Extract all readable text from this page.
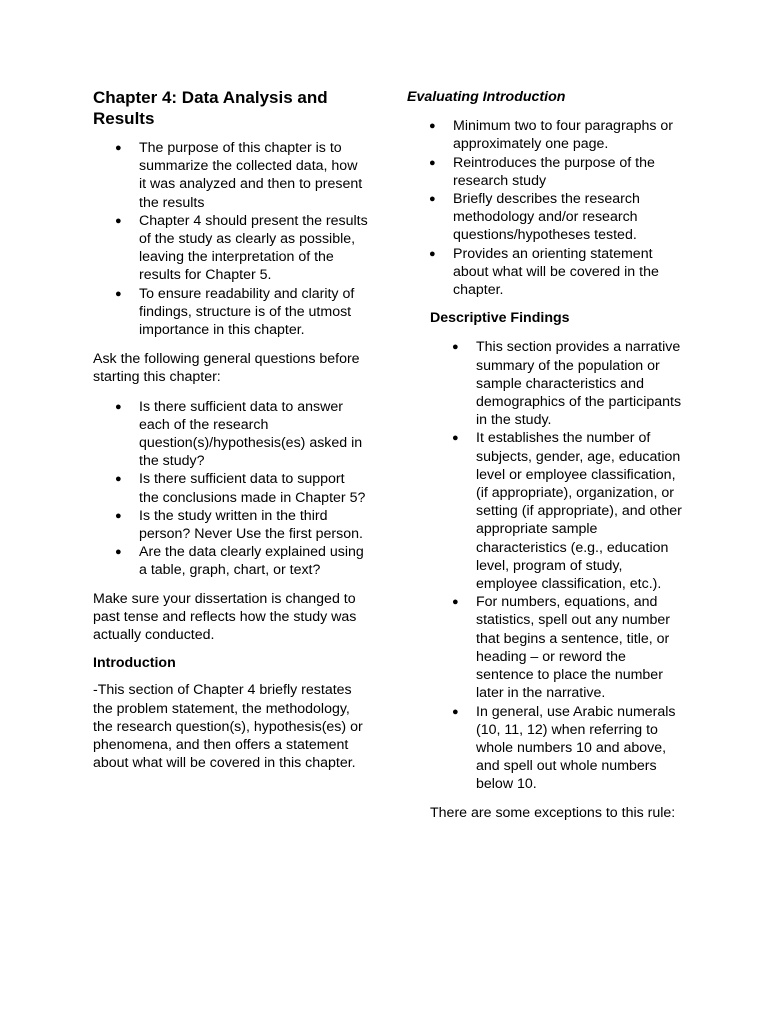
Chapter 4: Data Analysis and Results
● The purpose of this chapter is to summarize the collected data, how it was analyzed and then to present the results
● Chapter 4 should present the results of the study as clearly as possible, leaving the interpretation of the results for Chapter 5.
● To ensure readability and clarity of findings, structure is of the utmost importance in this chapter.

Ask the following general questions before starting this chapter:

● Is there sufficient data to answer each of the research question(s)/hypothesis(es) asked in the study?
● Is there sufficient data to support the conclusions made in Chapter 5?
● Is the study written in the third person? Never Use the first person.
● Are the data clearly explained using a table, graph, chart, or text?

Make sure your dissertation is changed to past tense and reflects how the study was actually conducted.

Introduction

-This section of Chapter 4 briefly restates the problem statement, the methodology, the research question(s), hypothesis(es) or phenomena, and then offers a statement about what will be covered in this chapter.

Evaluating Introduction

● Minimum two to four paragraphs or approximately one page.
● Reintroduces the purpose of the research study
● Briefly describes the research methodology and/or research questions/hypotheses tested.
● Provides an orienting statement about what will be covered in the chapter.

Descriptive Findings

● This section provides a narrative summary of the population or sample characteristics and demographics of the participants in the study.
● It establishes the number of subjects, gender, age, education level or employee classification, (if appropriate), organization, or setting (if appropriate), and other appropriate sample characteristics (e.g., education level, program of study, employee classification, etc.).
● For numbers, equations, and statistics, spell out any number that begins a sentence, title, or heading – or reword the sentence to place the number later in the narrative.
● In general, use Arabic numerals (10, 11, 12) when referring to whole numbers 10 and above, and spell out whole numbers below 10.

There are some exceptions to this rule:
